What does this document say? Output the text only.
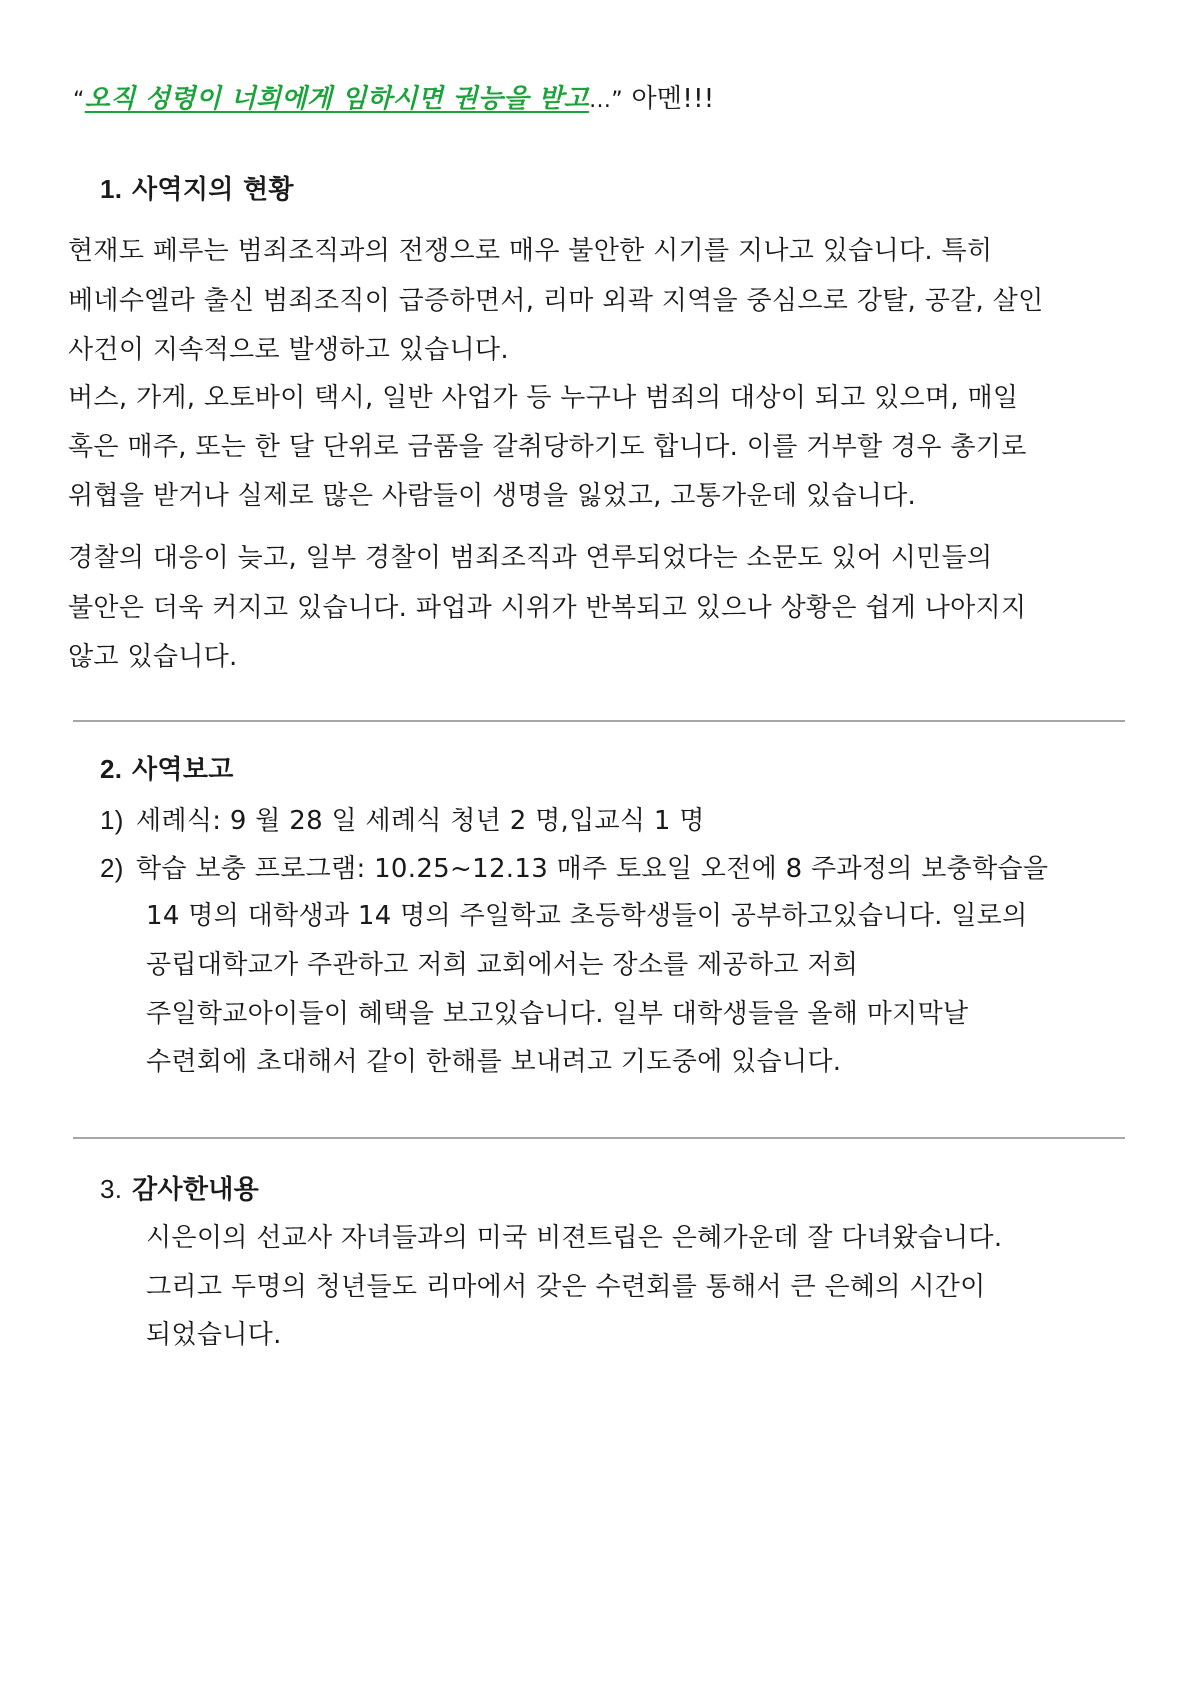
“오직 성령이 너희에게 임하시면 권능을 받고…” 아멘!!!
1. 사역지의 현황
현재도 페루는 범죄조직과의 전쟁으로 매우 불안한 시기를 지나고 있습니다. 특히
베네수엘라 출신 범죄조직이 급증하면서, 리마 외곽 지역을 중심으로 강탈, 공갈, 살인
사건이 지속적으로 발생하고 있습니다.
버스, 가게, 오토바이 택시, 일반 사업가 등 누구나 범죄의 대상이 되고 있으며, 매일
혹은 매주, 또는 한 달 단위로 금품을 갈취당하기도 합니다. 이를 거부할 경우 총기로
위협을 받거나 실제로 많은 사람들이 생명을 잃었고, 고통가운데 있습니다.
경찰의 대응이 늦고, 일부 경찰이 범죄조직과 연루되었다는 소문도 있어 시민들의
불안은 더욱 커지고 있습니다. 파업과 시위가 반복되고 있으나 상황은 쉽게 나아지지
않고 있습니다.
2. 사역보고
1) 세례식: 9 월 28 일 세례식 청년 2 명,입교식 1 명
2) 학습 보충 프로그램: 10.25~12.13 매주 토요일 오전에 8 주과정의 보충학습을
14 명의 대학생과 14 명의 주일학교 초등학생들이 공부하고있습니다. 일로의
공립대학교가 주관하고 저희 교회에서는 장소를 제공하고 저희
주일학교아이들이 혜택을 보고있습니다. 일부 대학생들을 올해 마지막날
수련회에 초대해서 같이 한해를 보내려고 기도중에 있습니다.
3. 감사한내용
시은이의 선교사 자녀들과의 미국 비젼트립은 은혜가운데 잘 다녀왔습니다.
그리고 두명의 청년들도 리마에서 갖은 수련회를 통해서 큰 은혜의 시간이
되었습니다.
